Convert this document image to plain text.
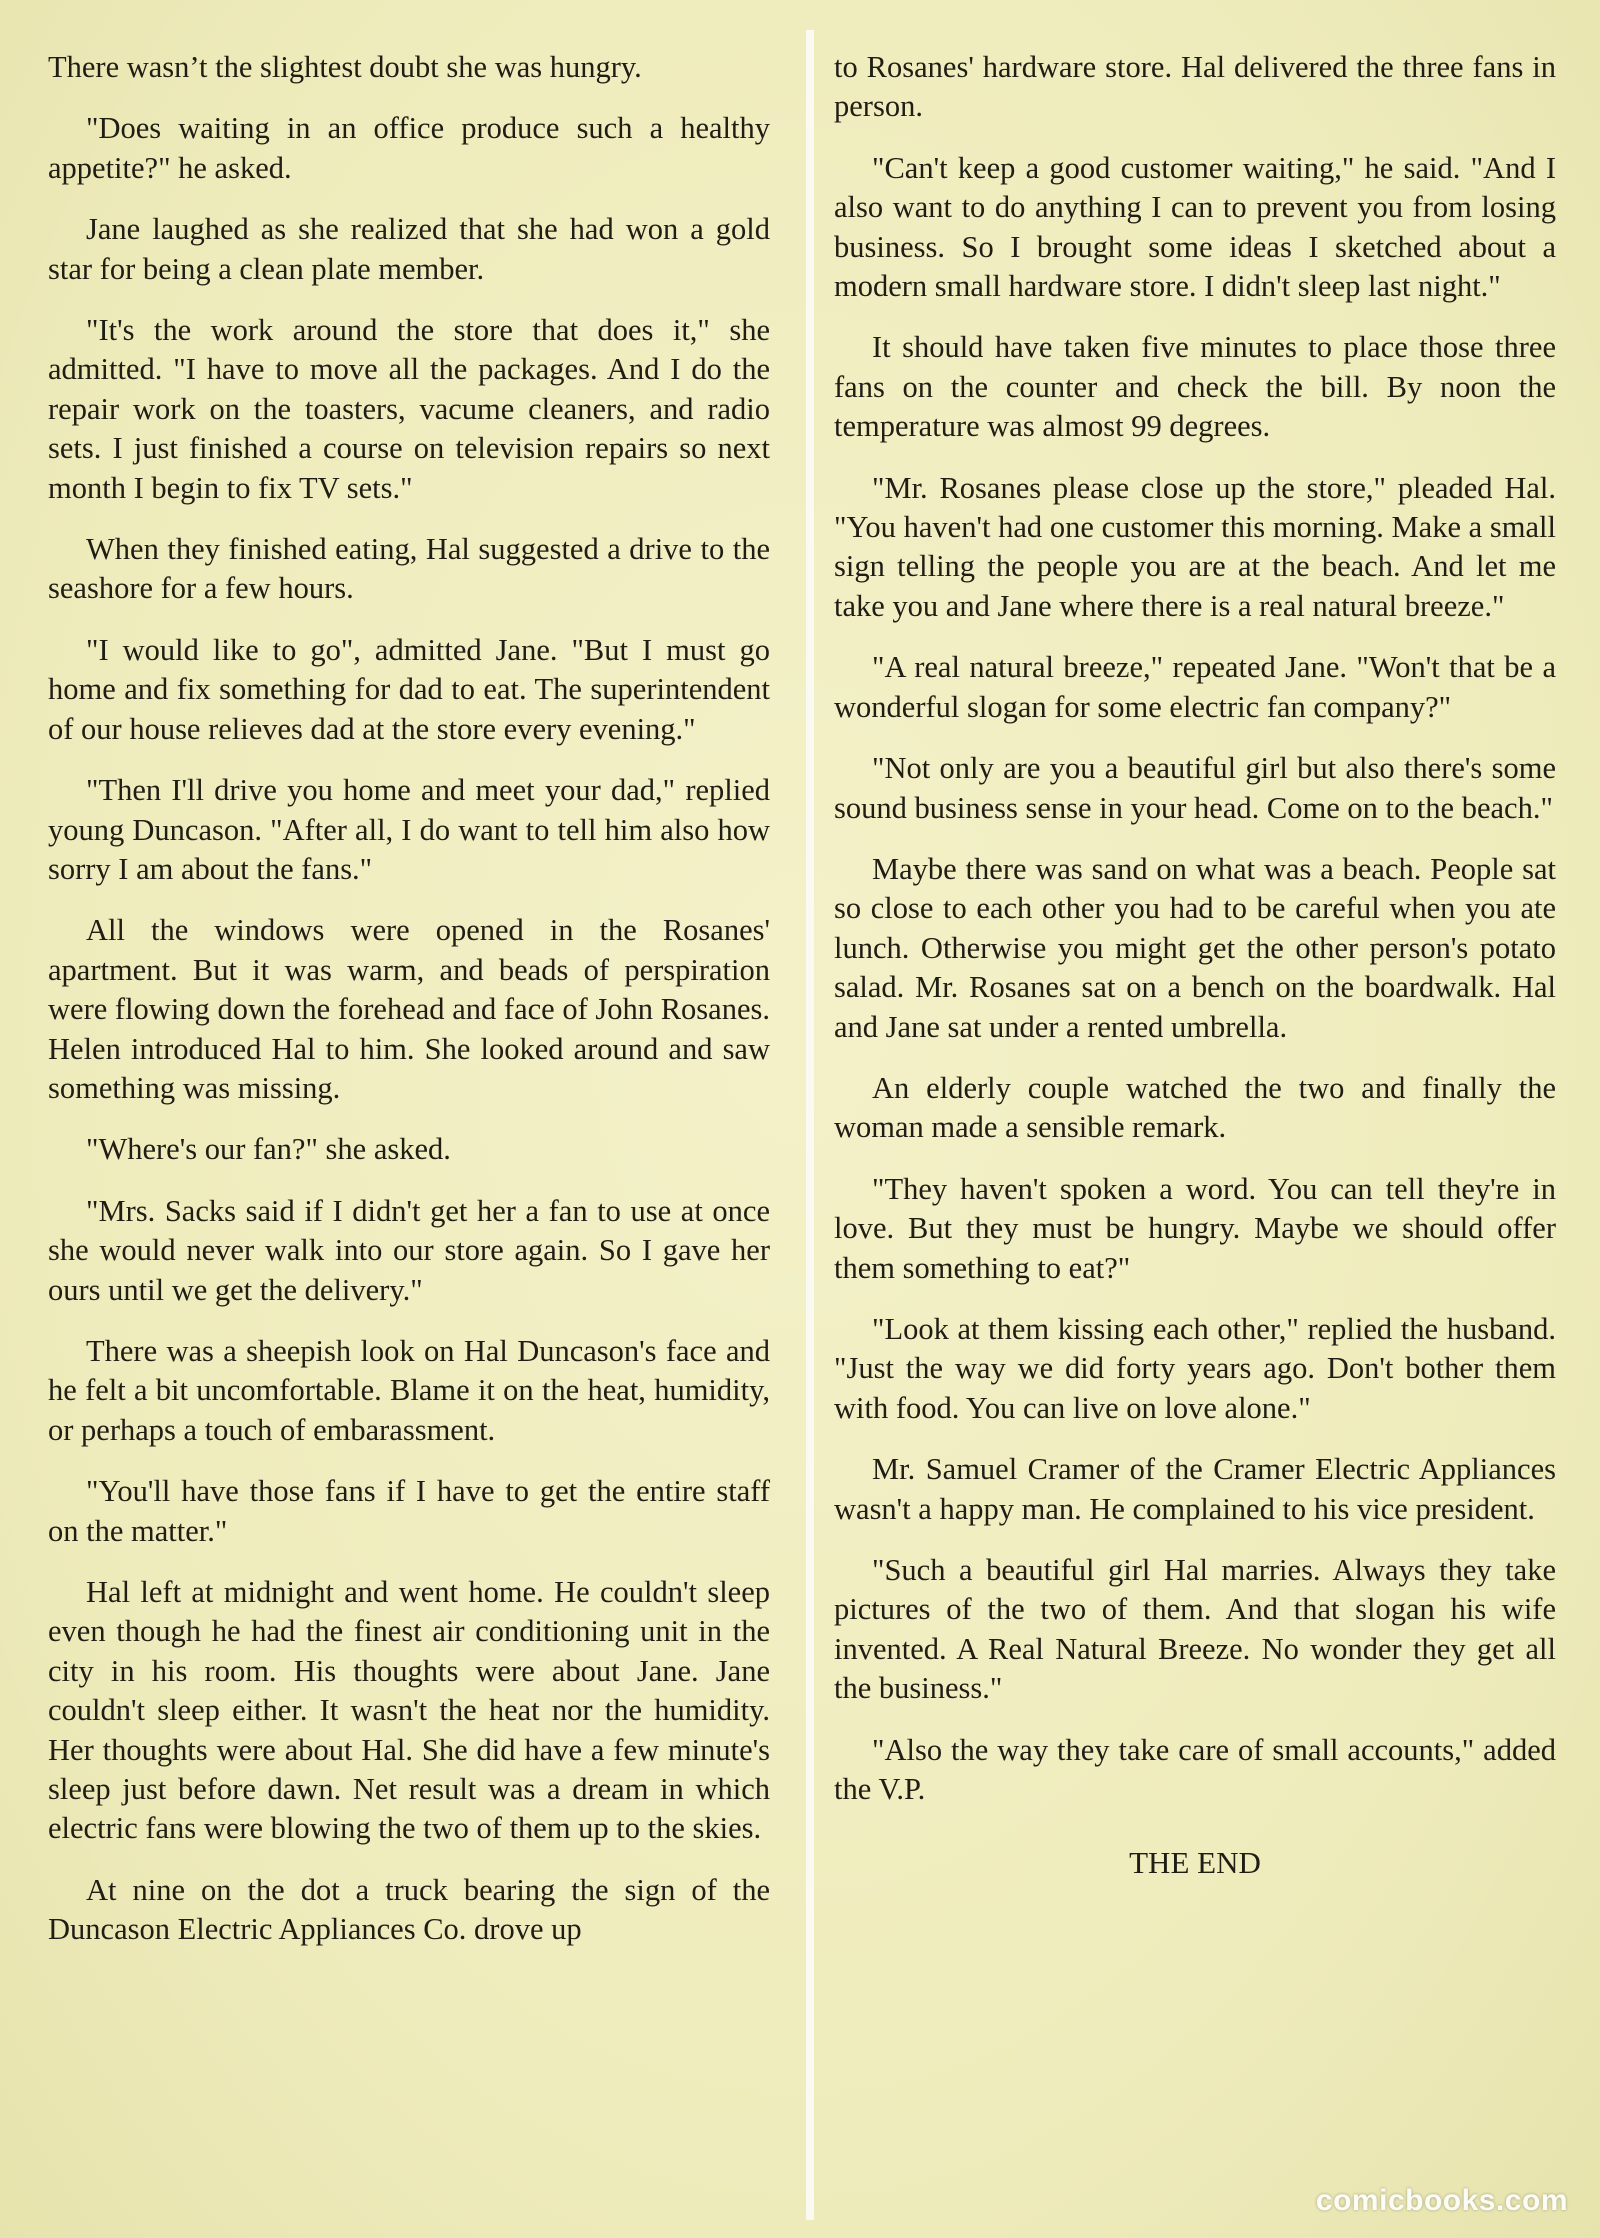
There wasn’t the slightest doubt she was hungry.

"Does waiting in an office produce such a healthy appetite?" he asked.

Jane laughed as she realized that she had won a gold star for being a clean plate member.

"It's the work around the store that does it," she admitted. "I have to move all the packages. And I do the repair work on the toasters, vacume cleaners, and radio sets. I just finished a course on television repairs so next month I begin to fix TV sets."

When they finished eating, Hal suggested a drive to the seashore for a few hours.

"I would like to go", admitted Jane. "But I must go home and fix something for dad to eat. The superintendent of our house relieves dad at the store every evening."

"Then I'll drive you home and meet your dad," replied young Duncason. "After all, I do want to tell him also how sorry I am about the fans."

All the windows were opened in the Rosanes' apartment. But it was warm, and beads of perspiration were flowing down the forehead and face of John Rosanes. Helen introduced Hal to him. She looked around and saw something was missing.

"Where's our fan?" she asked.

"Mrs. Sacks said if I didn't get her a fan to use at once she would never walk into our store again. So I gave her ours until we get the delivery."

There was a sheepish look on Hal Duncason's face and he felt a bit uncomfortable. Blame it on the heat, humidity, or perhaps a touch of embarassment.

"You'll have those fans if I have to get the entire staff on the matter."

Hal left at midnight and went home. He couldn't sleep even though he had the finest air conditioning unit in the city in his room. His thoughts were about Jane. Jane couldn't sleep either. It wasn't the heat nor the humidity. Her thoughts were about Hal. She did have a few minute's sleep just before dawn. Net result was a dream in which electric fans were blowing the two of them up to the skies.

At nine on the dot a truck bearing the sign of the Duncason Electric Appliances Co. drove up

to Rosanes' hardware store. Hal delivered the three fans in person.

"Can't keep a good customer waiting," he said. "And I also want to do anything I can to prevent you from losing business. So I brought some ideas I sketched about a modern small hardware store. I didn't sleep last night."

It should have taken five minutes to place those three fans on the counter and check the bill. By noon the temperature was almost 99 degrees.

"Mr. Rosanes please close up the store," pleaded Hal. "You haven't had one customer this morning. Make a small sign telling the people you are at the beach. And let me take you and Jane where there is a real natural breeze."

"A real natural breeze," repeated Jane. "Won't that be a wonderful slogan for some electric fan company?"

"Not only are you a beautiful girl but also there's some sound business sense in your head. Come on to the beach."

Maybe there was sand on what was a beach. People sat so close to each other you had to be careful when you ate lunch. Otherwise you might get the other person's potato salad. Mr. Rosanes sat on a bench on the boardwalk. Hal and Jane sat under a rented umbrella.

An elderly couple watched the two and finally the woman made a sensible remark.

"They haven't spoken a word. You can tell they're in love. But they must be hungry. Maybe we should offer them something to eat?"

"Look at them kissing each other," replied the husband. "Just the way we did forty years ago. Don't bother them with food. You can live on love alone."

Mr. Samuel Cramer of the Cramer Electric Appliances wasn't a happy man. He complained to his vice president.

"Such a beautiful girl Hal marries. Always they take pictures of the two of them. And that slogan his wife invented. A Real Natural Breeze. No wonder they get all the business."

"Also the way they take care of small accounts," added the V.P.

THE END

comicbooks.com
